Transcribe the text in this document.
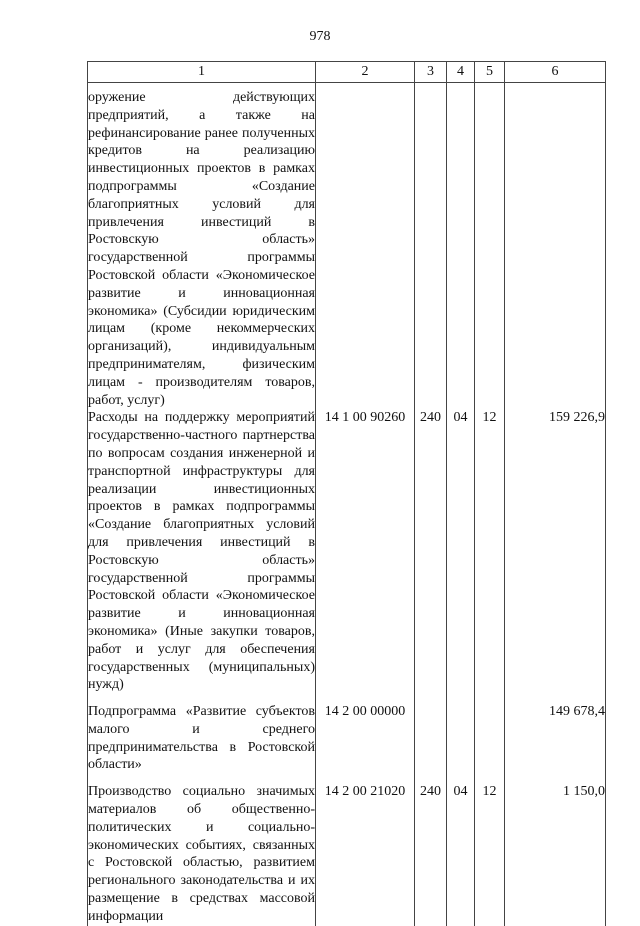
978
1	2	3	4	5	6
оружение действующих предприятий, а также на рефинансирование ранее полученных кредитов на реализацию инвестиционных проектов в рамках подпрограммы «Создание благоприятных условий для привлечения инвестиций в Ростовскую область» государственной программы Ростовской области «Экономическое развитие и инновационная экономика» (Субсидии юридическим лицам (кроме некоммерческих организаций), индивидуальным предпринимателям, физическим лицам - производителям товаров, работ, услуг)					
Расходы на поддержку мероприятий государственно-частного партнерства по вопросам создания инженерной и транспортной инфраструктуры для реализации инвестиционных проектов в рамках подпрограммы «Создание благоприятных условий для привлечения инвестиций в Ростовскую область» государственной программы Ростовской области «Экономическое развитие и инновационная экономика» (Иные закупки товаров, работ и услуг для обеспечения государственных (муниципальных) нужд)	14 1 00 90260	240	04	12	159 226,9

Подпрограмма «Развитие субъектов малого и среднего предпринимательства в Ростовской области»	14 2 00 00000				149 678,4

Производство социально значимых материалов об общественно-политических и социально-экономических событиях, связанных с Ростовской областью, развитием регионального законодательства и их размещение в средствах массовой информации	14 2 00 21020	240	04	12	1 150,0
